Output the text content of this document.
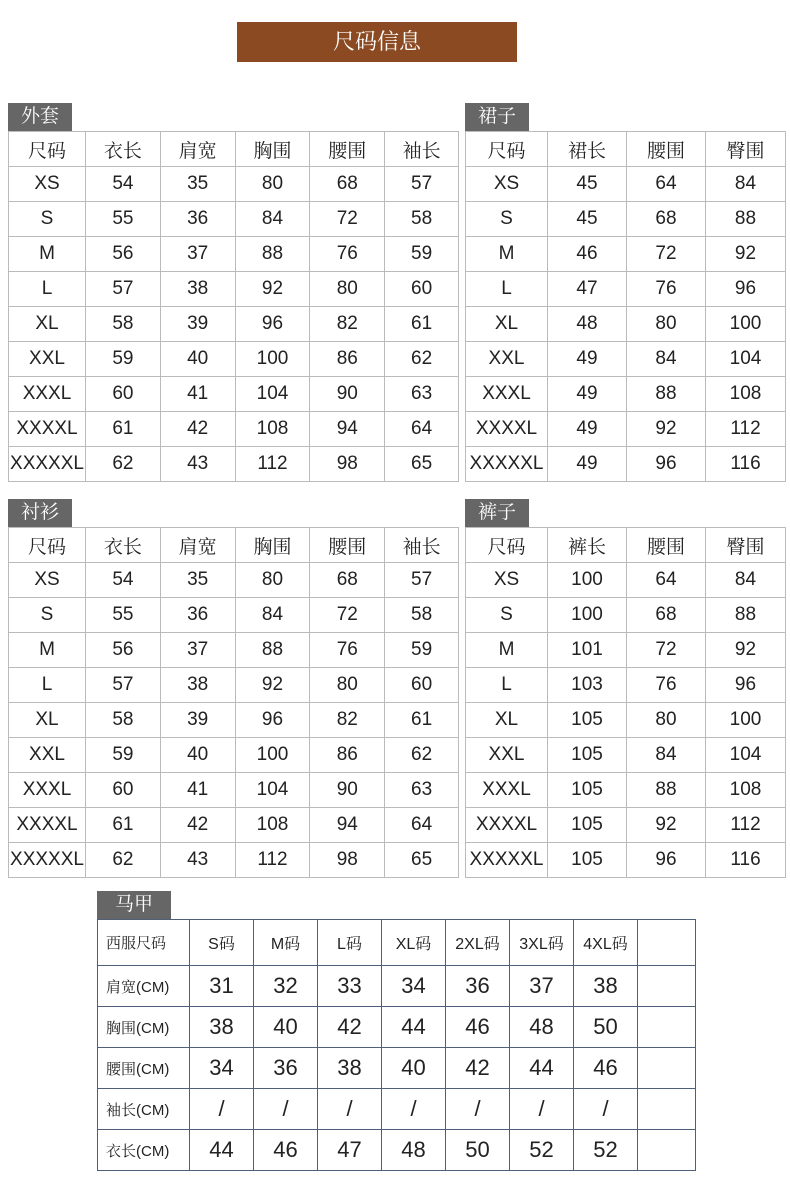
尺码信息
外套
尺码	衣长	肩宽	胸围	腰围	袖长
XS	54	35	80	68	57
S	55	36	84	72	58
M	56	37	88	76	59
L	57	38	92	80	60
XL	58	39	96	82	61
XXL	59	40	100	86	62
XXXL	60	41	104	90	63
XXXXL	61	42	108	94	64
XXXXXL	62	43	112	98	65
裙子
尺码	裙长	腰围	臀围
XS	45	64	84
S	45	68	88
M	46	72	92
L	47	76	96
XL	48	80	100
XXL	49	84	104
XXXL	49	88	108
XXXXL	49	92	112
XXXXXL	49	96	116
衬衫
尺码	衣长	肩宽	胸围	腰围	袖长
XS	54	35	80	68	57
S	55	36	84	72	58
M	56	37	88	76	59
L	57	38	92	80	60
XL	58	39	96	82	61
XXL	59	40	100	86	62
XXXL	60	41	104	90	63
XXXXL	61	42	108	94	64
XXXXXL	62	43	112	98	65
裤子
尺码	裤长	腰围	臀围
XS	100	64	84
S	100	68	88
M	101	72	92
L	103	76	96
XL	105	80	100
XXL	105	84	104
XXXL	105	88	108
XXXXL	105	92	112
XXXXXL	105	96	116
马甲
西服尺码	S码	M码	L码	XL码	2XL码	3XL码	4XL码	
肩宽(CM)	31	32	33	34	36	37	38	
胸围(CM)	38	40	42	44	46	48	50	
腰围(CM)	34	36	38	40	42	44	46	
袖长(CM)	/	/	/	/	/	/	/	
衣长(CM)	44	46	47	48	50	52	52	
